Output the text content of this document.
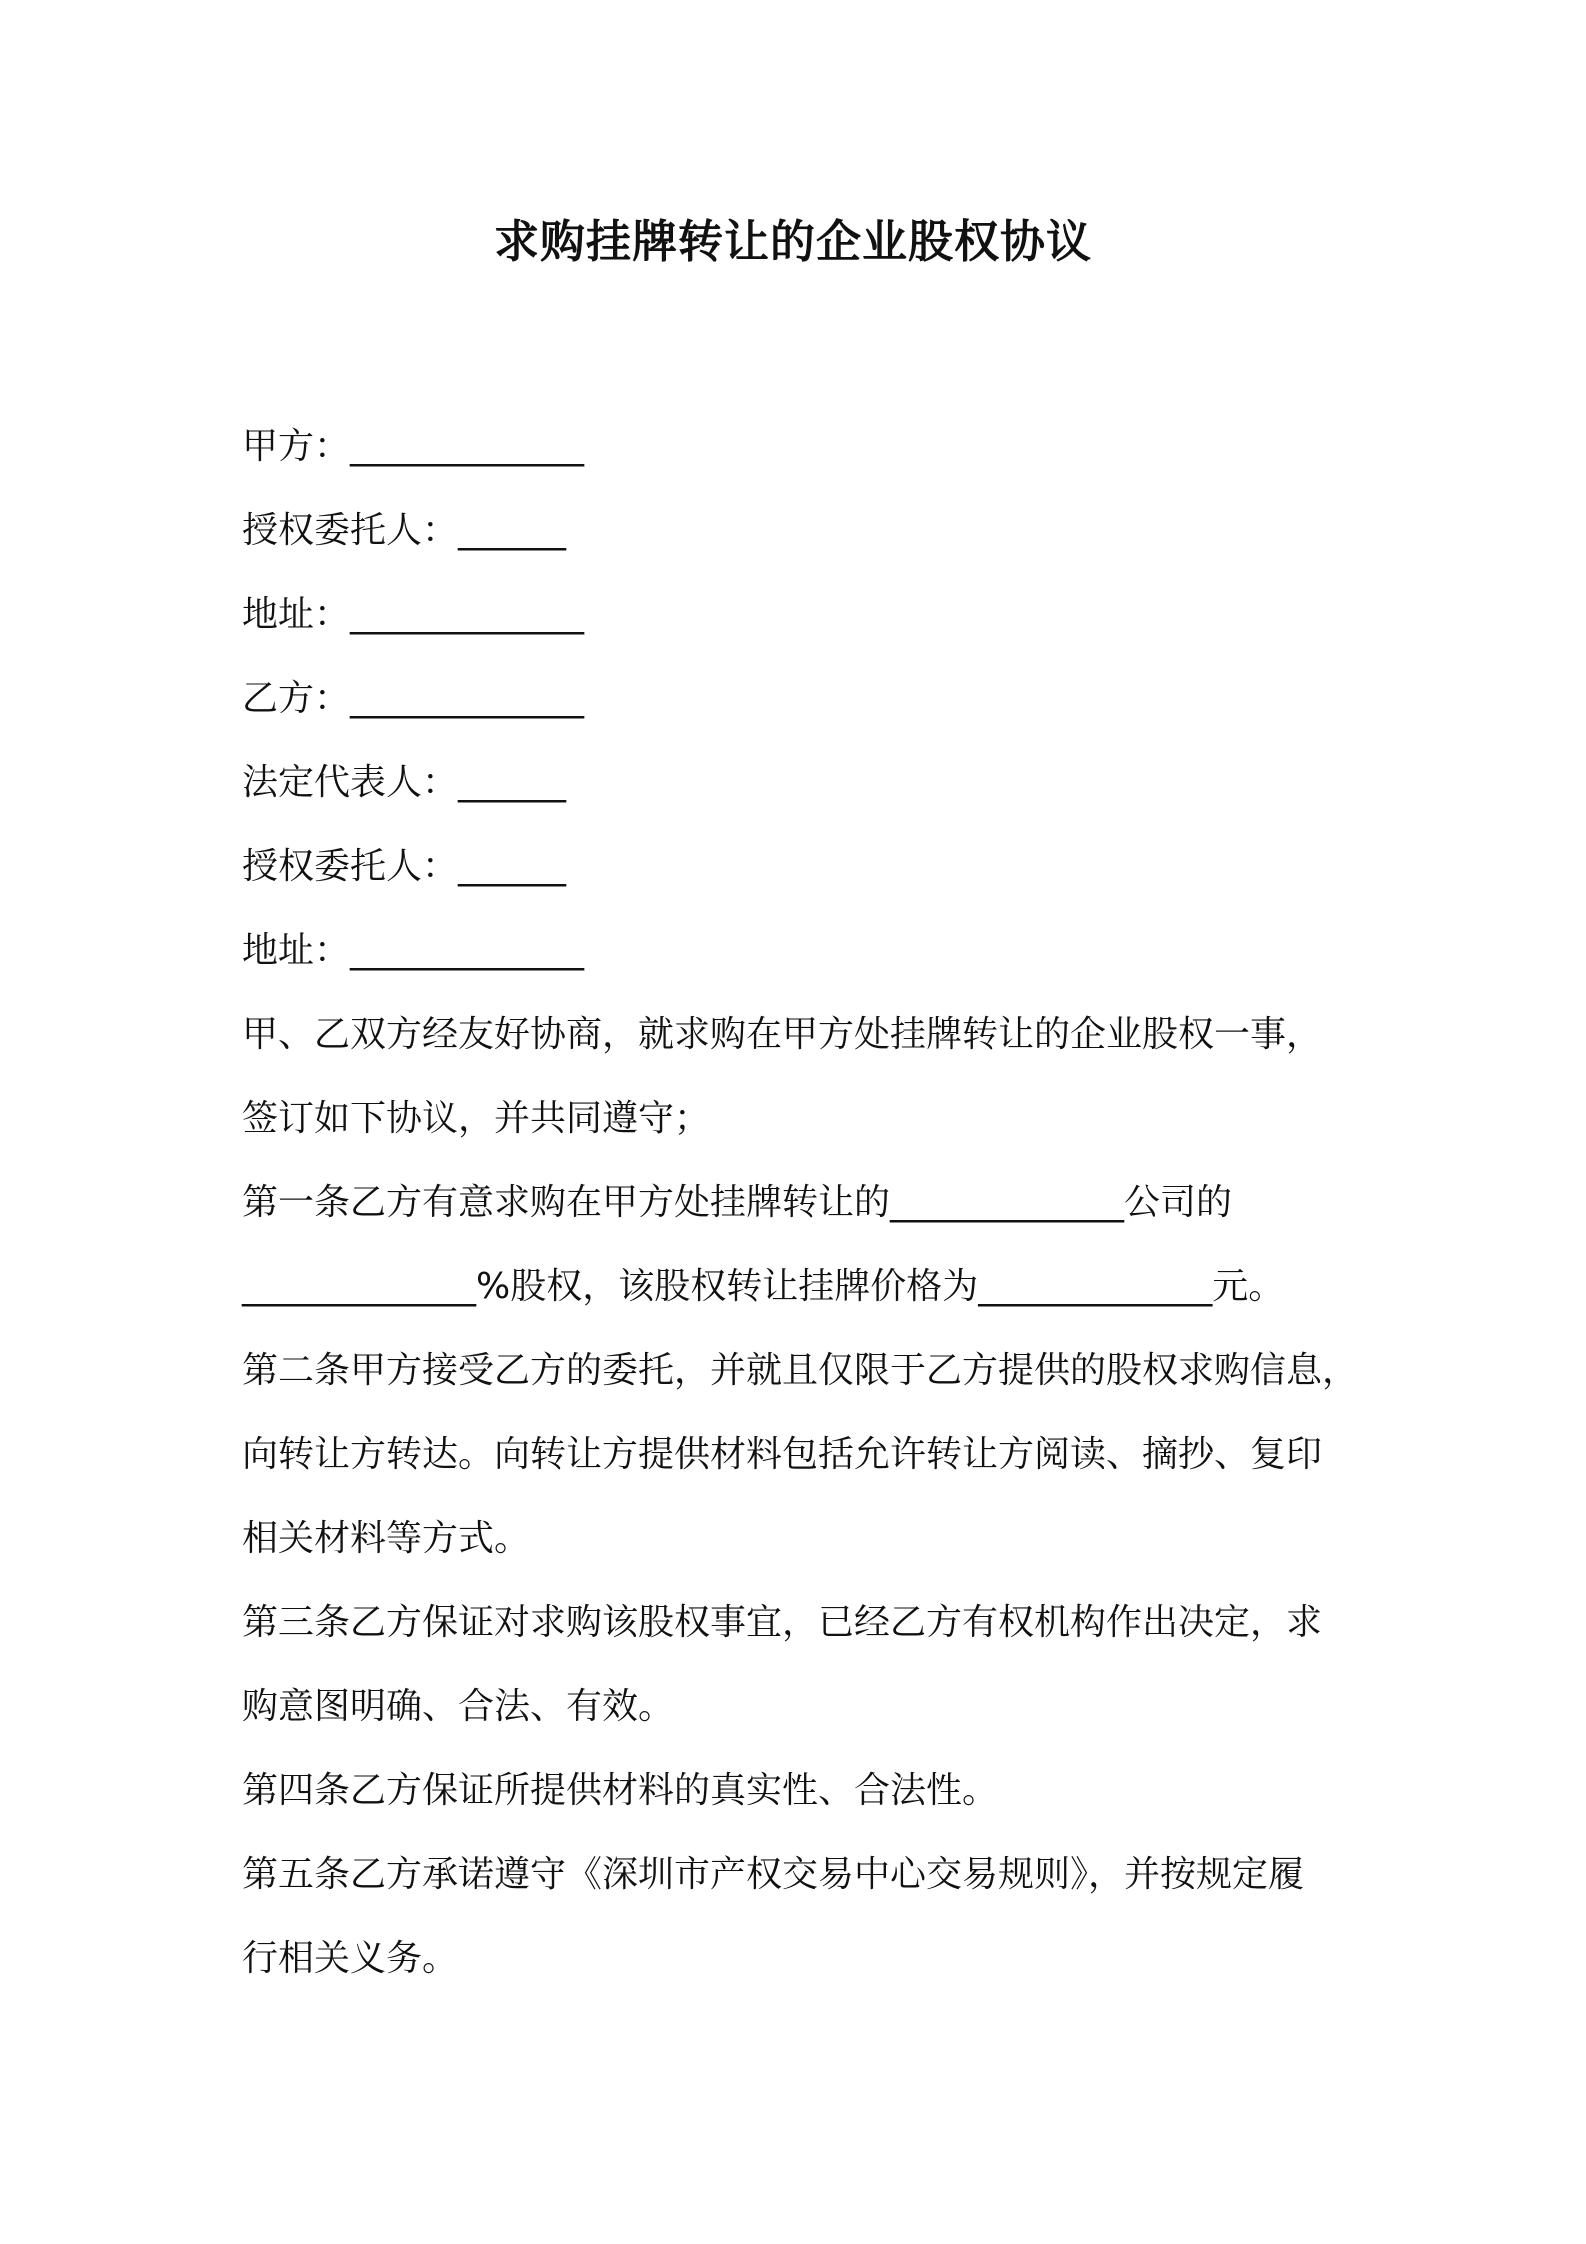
求购挂牌转让的企业股权协议
甲方：_____________
授权委托人：______
地址：_____________
乙方：_____________
法定代表人：______
授权委托人：______
地址：_____________
甲、乙双方经友好协商，就求购在甲方处挂牌转让的企业股权一事，
签订如下协议，并共同遵守；
第一条乙方有意求购在甲方处挂牌转让的_____________公司的
_____________%股权，该股权转让挂牌价格为_____________元。
第二条甲方接受乙方的委托，并就且仅限于乙方提供的股权求购信息，
向转让方转达。向转让方提供材料包括允许转让方阅读、摘抄、复印
相关材料等方式。
第三条乙方保证对求购该股权事宜，已经乙方有权机构作出决定，求
购意图明确、合法、有效。
第四条乙方保证所提供材料的真实性、合法性。
第五条乙方承诺遵守《深圳市产权交易中心交易规则》，并按规定履
行相关义务。
